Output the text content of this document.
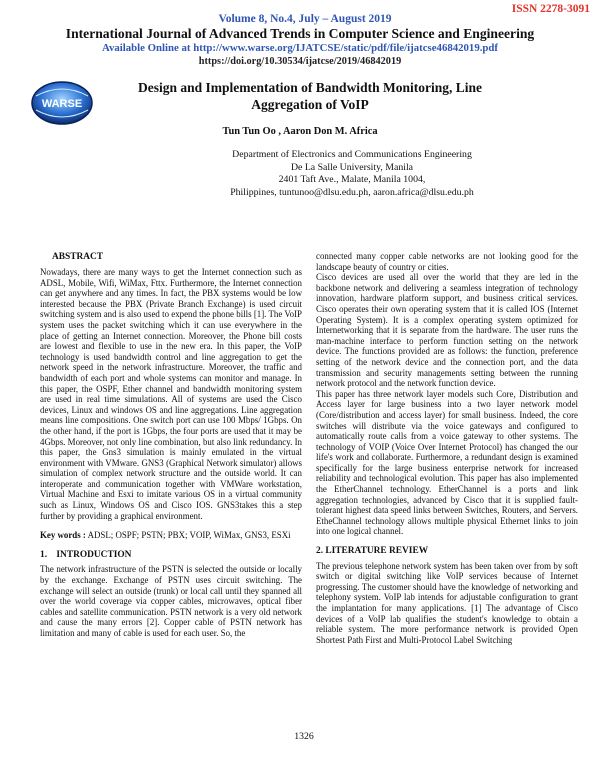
ISSN 2278-3091
Volume 8, No.4, July – August 2019
International Journal of Advanced Trends in Computer Science and Engineering
Available Online at http://www.warse.org/IJATCSE/static/pdf/file/ijatcse46842019.pdf
https://doi.org/10.30534/ijatcse/2019/46842019
WARSE
Design and Implementation of Bandwidth Monitoring, Line
Aggregation of VoIP
Tun Tun Oo , Aaron Don M. Africa
Department of Electronics and Communications Engineering
De La Salle University, Manila
2401 Taft Ave., Malate, Manila 1004,
Philippines, tuntunoo@dlsu.edu.ph, aaron.africa@dlsu.edu.ph
ABSTRACT

Nowadays, there are many ways to get the Internet connection such as ADSL, Mobile, Wifi, WiMax, Fttx. Furthermore, the Internet connection can get anywhere and any times. In fact, the PBX systems would be low interested because the PBX (Private Branch Exchange) is used circuit switching system and is also used to expend the phone bills [1]. The VoIP system uses the packet switching which it can use everywhere in the place of getting an Internet connection. Moreover, the Phone bill costs are lowest and flexible to use in the new era. In this paper, the VoIP technology is used bandwidth control and line aggregation to get the network speed in the network infrastructure. Moreover, the traffic and bandwidth of each port and whole systems can monitor and manage. In this paper, the OSPF, Ether channel and bandwidth monitoring system are used in real time simulations. All of systems are used the Cisco devices, Linux and windows OS and line aggregations. Line aggregation means line compositions. One switch port can use 100 Mbps/ 1Gbps. On the other hand, if the port is 1Gbps, the four ports are used that it may be 4Gbps. Moreover, not only line combination, but also link redundancy. In this paper, the Gns3 simulation is mainly emulated in the virtual environment with VMware. GNS3 (Graphical Network simulator) allows simulation of complex network structure and the outside world. It can interoperate and communication together with VMWare workstation, Virtual Machine and Esxi to imitate various OS in a virtual community such as Linux, Windows OS and Cisco IOS. GNS3takes this a step further by providing a graphical environment.

Key words : ADSL; OSPF; PSTN; PBX; VOIP, WiMax, GNS3, ESXi

1.    INTRODUCTION

The network infrastructure of the PSTN is selected the outside or locally by the exchange. Exchange of PSTN uses circuit switching. The exchange will select an outside (trunk) or local call until they spanned all over the world coverage via copper cables, microwaves, optical fiber cables and satellite communication. PSTN network is a very old network and cause the many errors [2]. Copper cable of PSTN network has limitation and many of cable is used for each user. So, the

connected many copper cable networks are not looking good for the landscape beauty of country or cities.

Cisco devices are used all over the world that they are led in the backbone network and delivering a seamless integration of technology innovation, hardware platform support, and business critical services. Cisco operates their own operating system that it is called IOS (Internet Operating System). It is a complex operating system optimized for Internetworking that it is separate from the hardware. The user runs the man-machine interface to perform function setting on the network device. The functions provided are as follows: the function, preference setting of the network device and the connection port, and the data transmission and security managements setting between the running network protocol and the network function device.

This paper has three network layer models such Core, Distribution and Access layer for large business into a two layer network model (Core/distribution and access layer) for small business. Indeed, the core switches will distribute via the voice gateways and configured to automatically route calls from a voice gateway to other systems. The technology of VOIP (Voice Over Internet Protocol) has changed the our life's work and collaborate. Furthermore, a redundant design is examined specifically for the large business enterprise network for increased reliability and technological evolution. This paper has also implemented the EtherChannel technology. EtherChannel is a ports and link aggregation technologies, advanced by Cisco that it is supplied fault-tolerant highest data speed links between Switches, Routers, and Servers. EtheChannel technology allows multiple physical Ethernet links to join into one logical channel.

2. LITERATURE REVIEW

The previous telephone network system has been taken over from by soft switch or digital switching like VoIP services because of Internet progressing. The customer should have the knowledge of networking and telephony system. VoIP lab intends for adjustable configuration to grant the implantation for many applications. [1] The advantage of Cisco devices of a VoIP lab qualifies the student's knowledge to obtain a reliable system. The more performance network is provided Open Shortest Path First and Multi-Protocol Label Switching

1326
